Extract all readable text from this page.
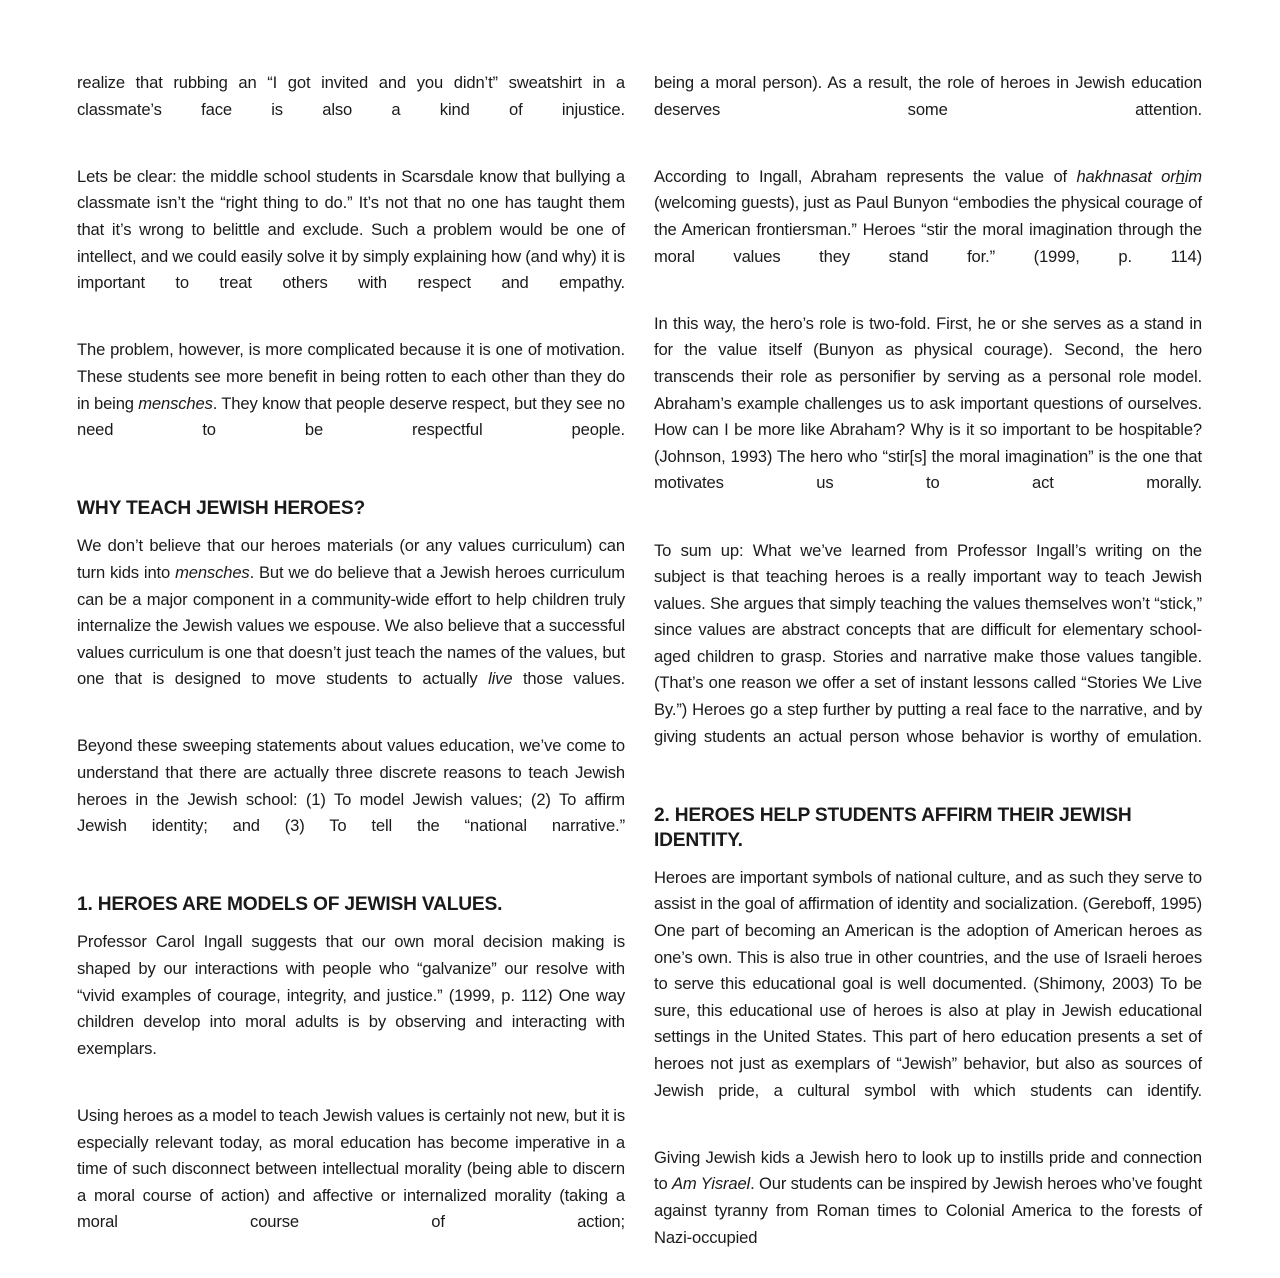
realize that rubbing an “I got invited and you didn’t” sweatshirt in a classmate’s face is also a kind of injustice.

Lets be clear: the middle school students in Scarsdale know that bullying a classmate isn’t the “right thing to do.” It’s not that no one has taught them that it’s wrong to belittle and exclude. Such a problem would be one of intellect, and we could easily solve it by simply explaining how (and why) it is important to treat others with respect and empathy.

The problem, however, is more complicated because it is one of motivation. These students see more benefit in being rotten to each other than they do in being mensches. They know that people deserve respect, but they see no need to be respectful people.

WHY TEACH JEWISH HEROES?

We don’t believe that our heroes materials (or any values curriculum) can turn kids into mensches. But we do believe that a Jewish heroes curriculum can be a major component in a community-wide effort to help children truly internalize the Jewish values we espouse. We also believe that a successful values curriculum is one that doesn’t just teach the names of the values, but one that is designed to move students to actually live those values.

Beyond these sweeping statements about values education, we’ve come to understand that there are actually three discrete reasons to teach Jewish heroes in the Jewish school: (1) To model Jewish values; (2) To affirm Jewish identity; and (3) To tell the “national narrative.”

1. HEROES ARE MODELS OF JEWISH VALUES.

Professor Carol Ingall suggests that our own moral decision making is shaped by our interactions with people who “galvanize” our resolve with “vivid examples of courage, integrity, and justice.” (1999, p. 112) One way children develop into moral adults is by observing and interacting with exemplars.

Using heroes as a model to teach Jewish values is certainly not new, but it is especially relevant today, as moral education has become imperative in a time of such disconnect between intellectual morality (being able to discern a moral course of action) and affective or internalized morality (taking a moral course of action;

being a moral person). As a result, the role of heroes in Jewish education deserves some attention.

According to Ingall, Abraham represents the value of hakhnasat orhim (welcoming guests), just as Paul Bunyon “embodies the physical courage of the American frontiersman.” Heroes “stir the moral imagination through the moral values they stand for.” (1999, p. 114)

In this way, the hero’s role is two-fold. First, he or she serves as a stand in for the value itself (Bunyon as physical courage). Second, the hero transcends their role as personifier by serving as a personal role model. Abraham’s example challenges us to ask important questions of ourselves. How can I be more like Abraham? Why is it so important to be hospitable? (Johnson, 1993) The hero who “stir[s] the moral imagination” is the one that motivates us to act morally.

To sum up: What we’ve learned from Professor Ingall’s writing on the subject is that teaching heroes is a really important way to teach Jewish values. She argues that simply teaching the values themselves won’t “stick,” since values are abstract concepts that are difficult for elementary school-aged children to grasp. Stories and narrative make those values tangible. (That’s one reason we offer a set of instant lessons called “Stories We Live By.”) Heroes go a step further by putting a real face to the narrative, and by giving students an actual person whose behavior is worthy of emulation.

2. HEROES HELP STUDENTS AFFIRM THEIR JEWISH IDENTITY.

Heroes are important symbols of national culture, and as such they serve to assist in the goal of affirmation of identity and socialization. (Gereboff, 1995) One part of becoming an American is the adoption of American heroes as one’s own. This is also true in other countries, and the use of Israeli heroes to serve this educational goal is well documented. (Shimony, 2003) To be sure, this educational use of heroes is also at play in Jewish educational settings in the United States. This part of hero education presents a set of heroes not just as exemplars of “Jewish” behavior, but also as sources of Jewish pride, a cultural symbol with which students can identify.

Giving Jewish kids a Jewish hero to look up to instills pride and connection to Am Yisrael. Our students can be inspired by Jewish heroes who’ve fought against tyranny from Roman times to Colonial America to the forests of Nazi-occupied
